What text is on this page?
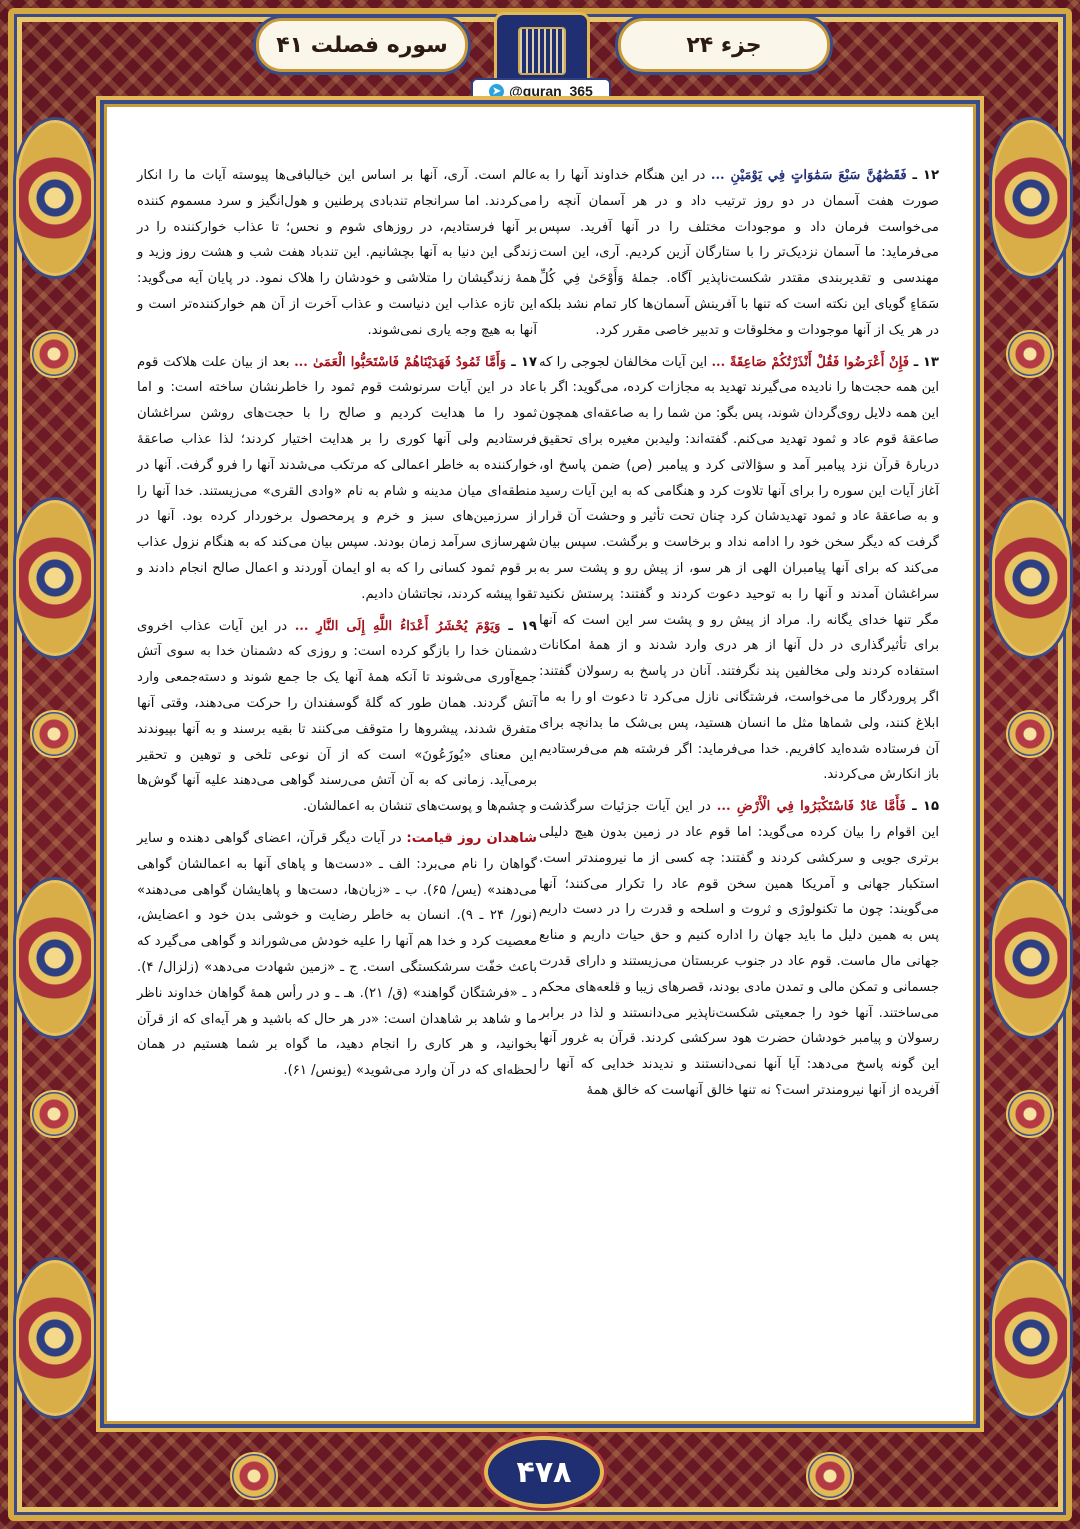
جزء ۲۴
سوره فصلت ۴۱
➤ @quran_365

۱۲ ـ فَقَضَٰهُنَّ سَبْعَ سَمَٰوَاتٍ فِي يَوْمَيْنِ ... در این هنگام خداوند آنها را به صورت هفت آسمان در دو روز ترتیب داد و در هر آسمان آنچه را می‌خواست فرمان داد و موجودات مختلف را در آنها آفرید. سپس می‌فرماید: ما آسمان نزدیک‌تر را با ستارگان آزین کردیم. آری، این است مهندسی و تقدیربندی مقتدر شکست‌ناپذیر آگاه. جملهٔ وَأَوْحَىٰ فِي كُلِّ سَمَاءٍ گویای این نکته است که تنها با آفرینش آسمان‌ها کار تمام نشد بلکه در هر یک از آنها موجودات و مخلوقات و تدبیر خاصی مقرر کرد.

۱۳ ـ فَإِنْ أَعْرَضُوا فَقُلْ أَنْذَرْتُكُمْ صَاعِقَةً ... این آیات مخالفان لجوجی را که این همه حجت‌ها را نادیده می‌گیرند تهدید به مجازات کرده، می‌گوید: اگر با این همه دلایل روی‌گردان شوند، پس بگو: من شما را به صاعقه‌ای همچون صاعقهٔ قوم عاد و ثمود تهدید می‌کنم. گفته‌اند: ولیدبن مغیره برای تحقیق دربارهٔ قرآن نزد پیامبر آمد و سؤالاتی کرد و پیامبر (ص) ضمن پاسخ او، آغاز آیات این سوره را برای آنها تلاوت کرد و هنگامی که به این آیات رسید و به صاعقهٔ عاد و ثمود تهدیدشان کرد چنان تحت تأثیر و وحشت آن قرار گرفت که دیگر سخن خود را ادامه نداد و برخاست و برگشت. سپس بیان می‌کند که برای آنها پیامبران الهی از هر سو، از پیش رو و پشت سر به سراغشان آمدند و آنها را به توحید دعوت کردند و گفتند: پرستش نکنید مگر تنها خدای یگانه را. مراد از پیش رو و پشت سر این است که آنها برای تأثیرگذاری در دل آنها از هر دری وارد شدند و از همهٔ امکانات استفاده کردند ولی مخالفین پند نگرفتند. آنان در پاسخ به رسولان گفتند: اگر پروردگار ما می‌خواست، فرشتگانی نازل می‌کرد تا دعوت او را به ما ابلاغ کنند، ولی شماها مثل ما انسان هستید، پس بی‌شک ما بدانچه برای آن فرستاده شده‌اید کافریم. خدا می‌فرماید: اگر فرشته هم می‌فرستادیم باز انکارش می‌کردند.

۱۵ ـ فَأَمَّا عَادٌ فَاسْتَكْبَرُوا فِي الْأَرْضِ ... در این آیات جزئیات سرگذشت این اقوام را بیان کرده می‌گوید: اما قوم عاد در زمین بدون هیچ دلیلی برتری جویی و سرکشی کردند و گفتند: چه کسی از ما نیرومندتر است. استکبار جهانی و آمریکا همین سخن قوم عاد را تکرار می‌کنند؛ آنها می‌گویند: چون ما تکنولوژی و ثروت و اسلحه و قدرت را در دست داریم پس به همین دلیل ما باید جهان را اداره کنیم و حق حیات داریم و منابع جهانی مال ماست. قوم عاد در جنوب عربستان می‌زیستند و دارای قدرت جسمانی و تمکن مالی و تمدن مادی بودند، قصرهای زیبا و قلعه‌های محکم می‌ساختند. آنها خود را جمعیتی شکست‌ناپذیر می‌دانستند و لذا در برابر رسولان و پیامبر خودشان حضرت هود سرکشی کردند. قرآن به غرور آنها این گونه پاسخ می‌دهد: آیا آنها نمی‌دانستند و ندیدند خدایی که آنها را آفریده از آنها نیرومندتر است؟ نه تنها خالق آنهاست که خالق همهٔ

عالم است. آری، آنها بر اساس این خیالبافی‌ها پیوسته آیات ما را انکار می‌کردند. اما سرانجام تندبادی پرطنین و هول‌انگیز و سرد مسموم کننده بر آنها فرستادیم، در روزهای شوم و نحس؛ تا عذاب خوارکننده را در زندگی این دنیا به آنها بچشانیم. این تندباد هفت شب و هشت روز وزید و همهٔ زندگیشان را متلاشی و خودشان را هلاک نمود. در پایان آیه می‌گوید: این تازه عذاب این دنیاست و عذاب آخرت از آن هم خوارکننده‌تر است و آنها به هیچ وجه یاری نمی‌شوند.

۱۷ ـ وَأَمَّا ثَمُودُ فَهَدَيْنَاهُمْ فَاسْتَحَبُّوا الْعَمَىٰ ... بعد از بیان علت هلاکت قوم عاد در این آیات سرنوشت قوم ثمود را خاطرنشان ساخته است: و اما ثمود را ما هدایت کردیم و صالح را با حجت‌های روشن سراغشان فرستادیم ولی آنها کوری را بر هدایت اختیار کردند؛ لذا عذاب صاعقهٔ خوارکننده به خاطر اعمالی که مرتکب می‌شدند آنها را فرو گرفت. آنها در منطقه‌ای میان مدینه و شام به نام «وادی القری» می‌زیستند. خدا آنها را از سرزمین‌های سبز و خرم و پرمحصول برخوردار کرده بود. آنها در شهرسازی سرآمد زمان بودند. سپس بیان می‌کند که به هنگام نزول عذاب بر قوم ثمود کسانی را که به او ایمان آوردند و اعمال صالح انجام دادند و تقوا پیشه کردند، نجاتشان دادیم.

۱۹ ـ وَيَوْمَ يُحْشَرُ أَعْدَاءُ اللَّهِ إِلَى النَّارِ ... در این آیات عذاب اخروی دشمنان خدا را بازگو کرده است: و روزی که دشمنان خدا به سوی آتش جمع‌آوری می‌شوند تا آنکه همهٔ آنها یک جا جمع شوند و دسته‌جمعی وارد آتش گردند. همان طور که گلهٔ گوسفندان را حرکت می‌دهند، وقتی آنها متفرق شدند، پیشروها را متوقف می‌کنند تا بقیه برسند و به آنها بپیوندند این معنای «يُوزَعُونَ» است که از آن نوعی تلخی و توهین و تحقیر برمی‌آید. زمانی که به آن آتش می‌رسند گواهی می‌دهند علیه آنها گوش‌ها و چشم‌ها و پوست‌های تنشان به اعمالشان.

شاهدان روز قیامت: در آیات دیگر قرآن، اعضای گواهی دهنده و سایر گواهان را نام می‌برد: الف ـ «دست‌ها و پاهای آنها به اعمالشان گواهی می‌دهند» (یس/ ۶۵). ب ـ «زبان‌ها، دست‌ها و پاهایشان گواهی می‌دهند» (نور/ ۲۴ ـ ۹). انسان به خاطر رضایت و خوشی بدن خود و اعضایش، معصیت کرد و خدا هم آنها را علیه خودش می‌شوراند و گواهی می‌گیرد که باعث خفّت سرشکستگی است. ج ـ «زمین شهادت می‌دهد» (زلزال/ ۴). د ـ «فرشتگان گواهند» (ق/ ۲۱). هـ ـ و در رأس همهٔ گواهان خداوند ناظر ما و شاهد بر شاهدان است: «در هر حال که باشید و هر آیه‌ای که از قرآن بخوانید، و هر کاری را انجام دهید، ما گواه بر شما هستیم در همان لحظه‌ای که در آن وارد می‌شوید» (یونس/ ۶۱).

۴۷۸
